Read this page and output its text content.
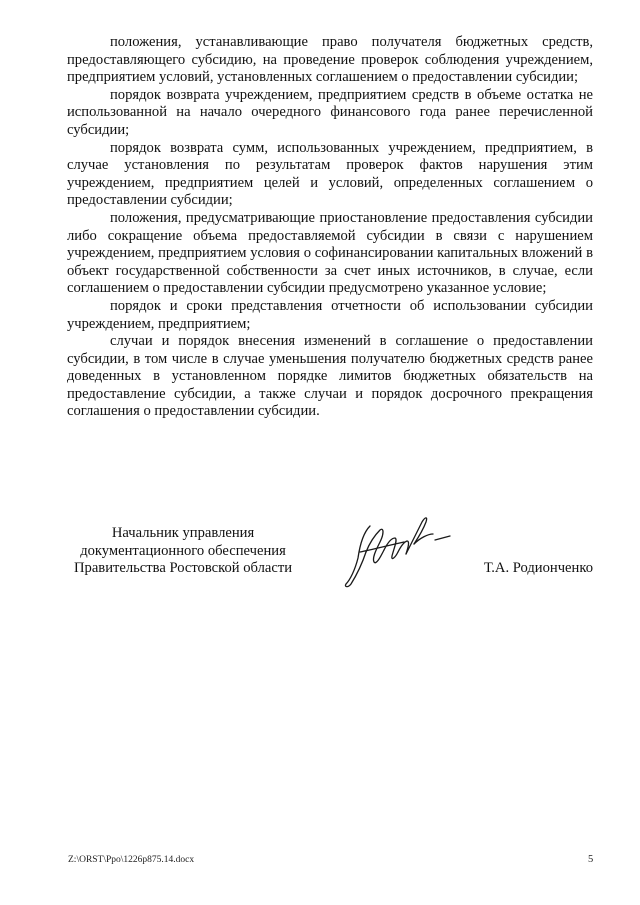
положения, устанавливающие право получателя бюджетных средств, предоставляющего субсидию, на проведение проверок соблюдения учреждением, предприятием условий, установленных соглашением о предоставлении субсидии;

порядок возврата учреждением, предприятием средств в объеме остатка не использованной на начало очередного финансового года ранее перечисленной субсидии;

порядок возврата сумм, использованных учреждением, предприятием, в случае установления по результатам проверок фактов нарушения этим учреждением, предприятием целей и условий, определенных соглашением о предоставлении субсидии;

положения, предусматривающие приостановление предоставления субсидии либо сокращение объема предоставляемой субсидии в связи с нарушением учреждением, предприятием условия о софинансировании капитальных вложений в объект государственной собственности за счет иных источников, в случае, если соглашением о предоставлении субсидии предусмотрено указанное условие;

порядок и сроки представления отчетности об использовании субсидии учреждением, предприятием;

случаи и порядок внесения изменений в соглашение о предоставлении субсидии, в том числе в случае уменьшения получателю бюджетных средств ранее доведенных в установленном порядке лимитов бюджетных обязательств на предоставление субсидии, а также случаи и порядок досрочного прекращения соглашения о предоставлении субсидии.

Начальник управления
документационного обеспечения
Правительства Ростовской области	Т.А. Родионченко
Z:\ORST\Ppo\1226p875.14.docx	5
